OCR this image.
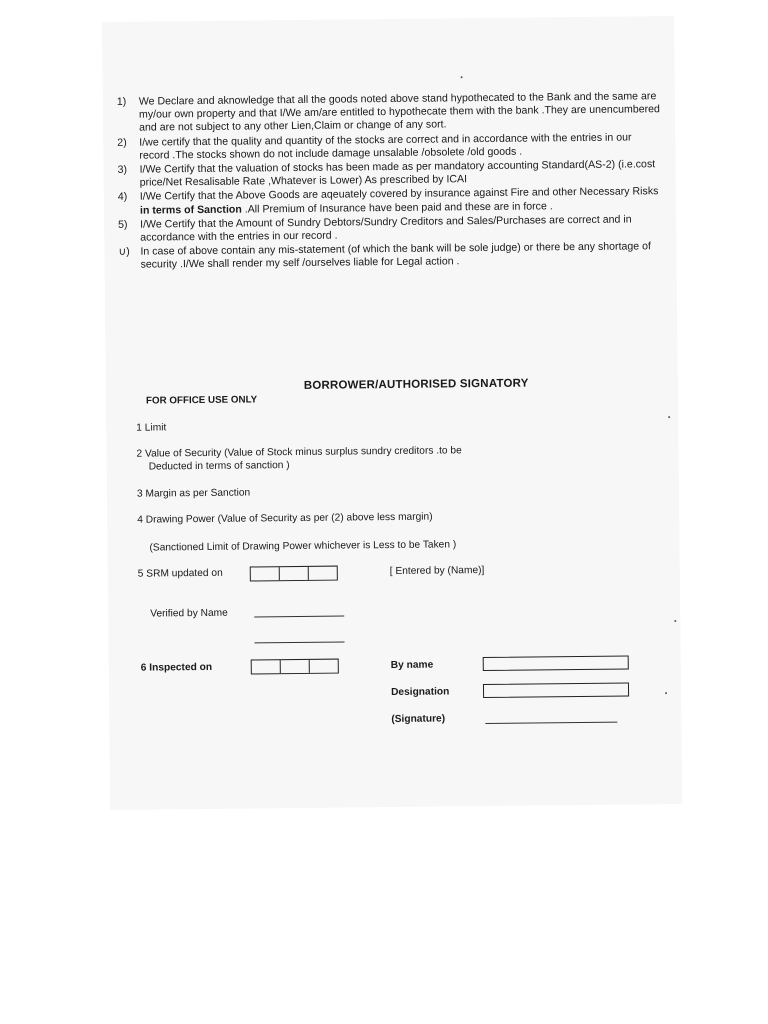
1)	We Declare and aknowledge that all the goods noted above stand hypothecated to the Bank and the same are my/our own property and that I/We am/are entitled to hypothecate them with the bank .They are unencumbered and are not subject to any other Lien,Claim or change of any sort.
2)	I/we certify that the quality and quantity of the stocks are correct and in accordance with the entries in our record .The stocks shown do not include damage unsalable /obsolete /old goods .
3)	I/We Certify that the valuation of stocks has been made as per mandatory accounting Standard(AS-2) (i.e.cost price/Net Resalisable Rate ,Whatever is Lower) As prescribed by ICAI
4)	I/We Certify that the Above Goods are aqeuately covered by insurance against Fire and other Necessary Risks in terms of Sanction .All Premium of Insurance have been paid and these are in force .
5)	I/We Certify that the Amount of Sundry Debtors/Sundry Creditors and Sales/Purchases are correct and in accordance with the entries in our record .
∪) In case of above contain any mis-statement (of which the bank will be sole judge) or there be any shortage of security .I/We shall render my self /ourselves liable for Legal action .
BORROWER/AUTHORISED SIGNATORY
FOR OFFICE USE ONLY
1 Limit
2 Value of Security (Value of Stock minus surplus sundry creditors .to be
Deducted in terms of sanction )
3 Margin as per Sanction
4 Drawing Power (Value of Security as per (2) above less margin)
(Sanctioned Limit of Drawing Power whichever is Less to be Taken )
5 SRM updated on	[ Entered by (Name)]
Verified by Name
6 Inspected on	By name
Designation
(Signature)
